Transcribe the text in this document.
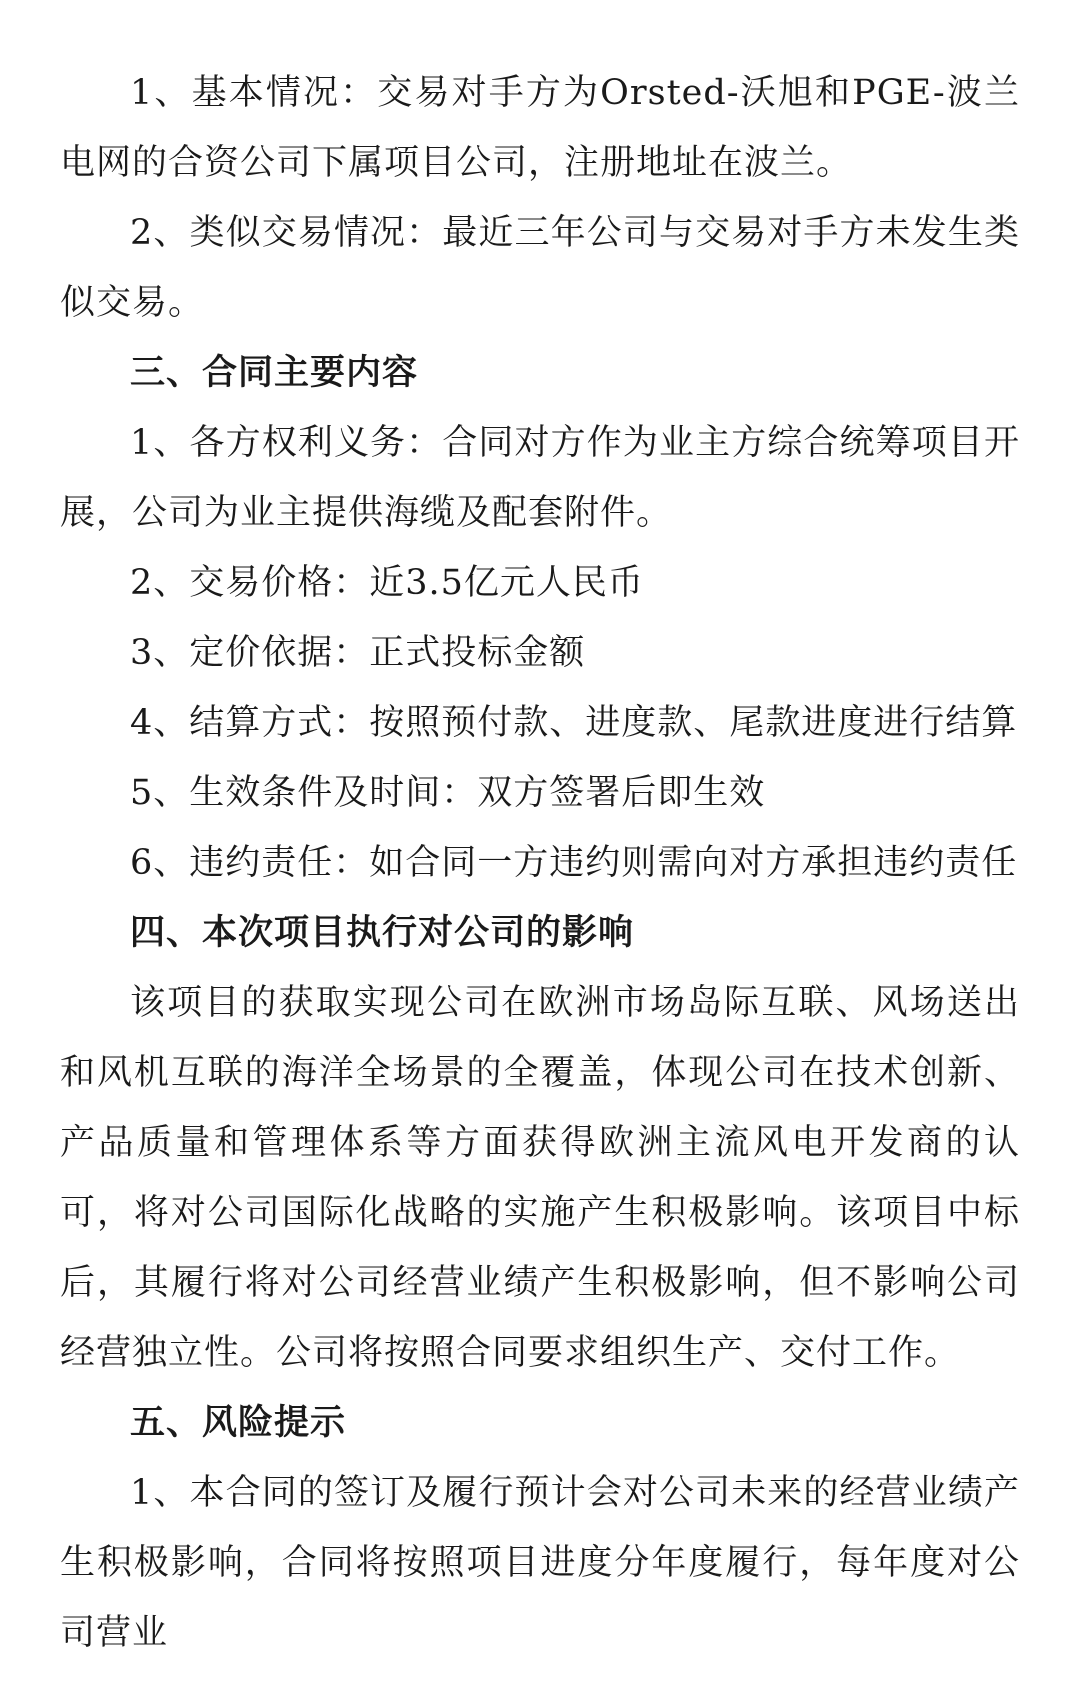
1、基本情况：交易对手方为Orsted-沃旭和PGE-波兰电网的合资公司下属项目公司，注册地址在波兰。

2、类似交易情况：最近三年公司与交易对手方未发生类似交易。

三、合同主要内容

1、各方权利义务：合同对方作为业主方综合统筹项目开展，公司为业主提供海缆及配套附件。

2、交易价格：近3.5亿元人民币

3、定价依据：正式投标金额

4、结算方式：按照预付款、进度款、尾款进度进行结算

5、生效条件及时间：双方签署后即生效

6、违约责任：如合同一方违约则需向对方承担违约责任

四、本次项目执行对公司的影响

该项目的获取实现公司在欧洲市场岛际互联、风场送出和风机互联的海洋全场景的全覆盖，体现公司在技术创新、产品质量和管理体系等方面获得欧洲主流风电开发商的认可，将对公司国际化战略的实施产生积极影响。该项目中标后，其履行将对公司经营业绩产生积极影响，但不影响公司经营独立性。公司将按照合同要求组织生产、交付工作。

五、风险提示

1、本合同的签订及履行预计会对公司未来的经营业绩产生积极影响，合同将按照项目进度分年度履行，每年度对公司营业
